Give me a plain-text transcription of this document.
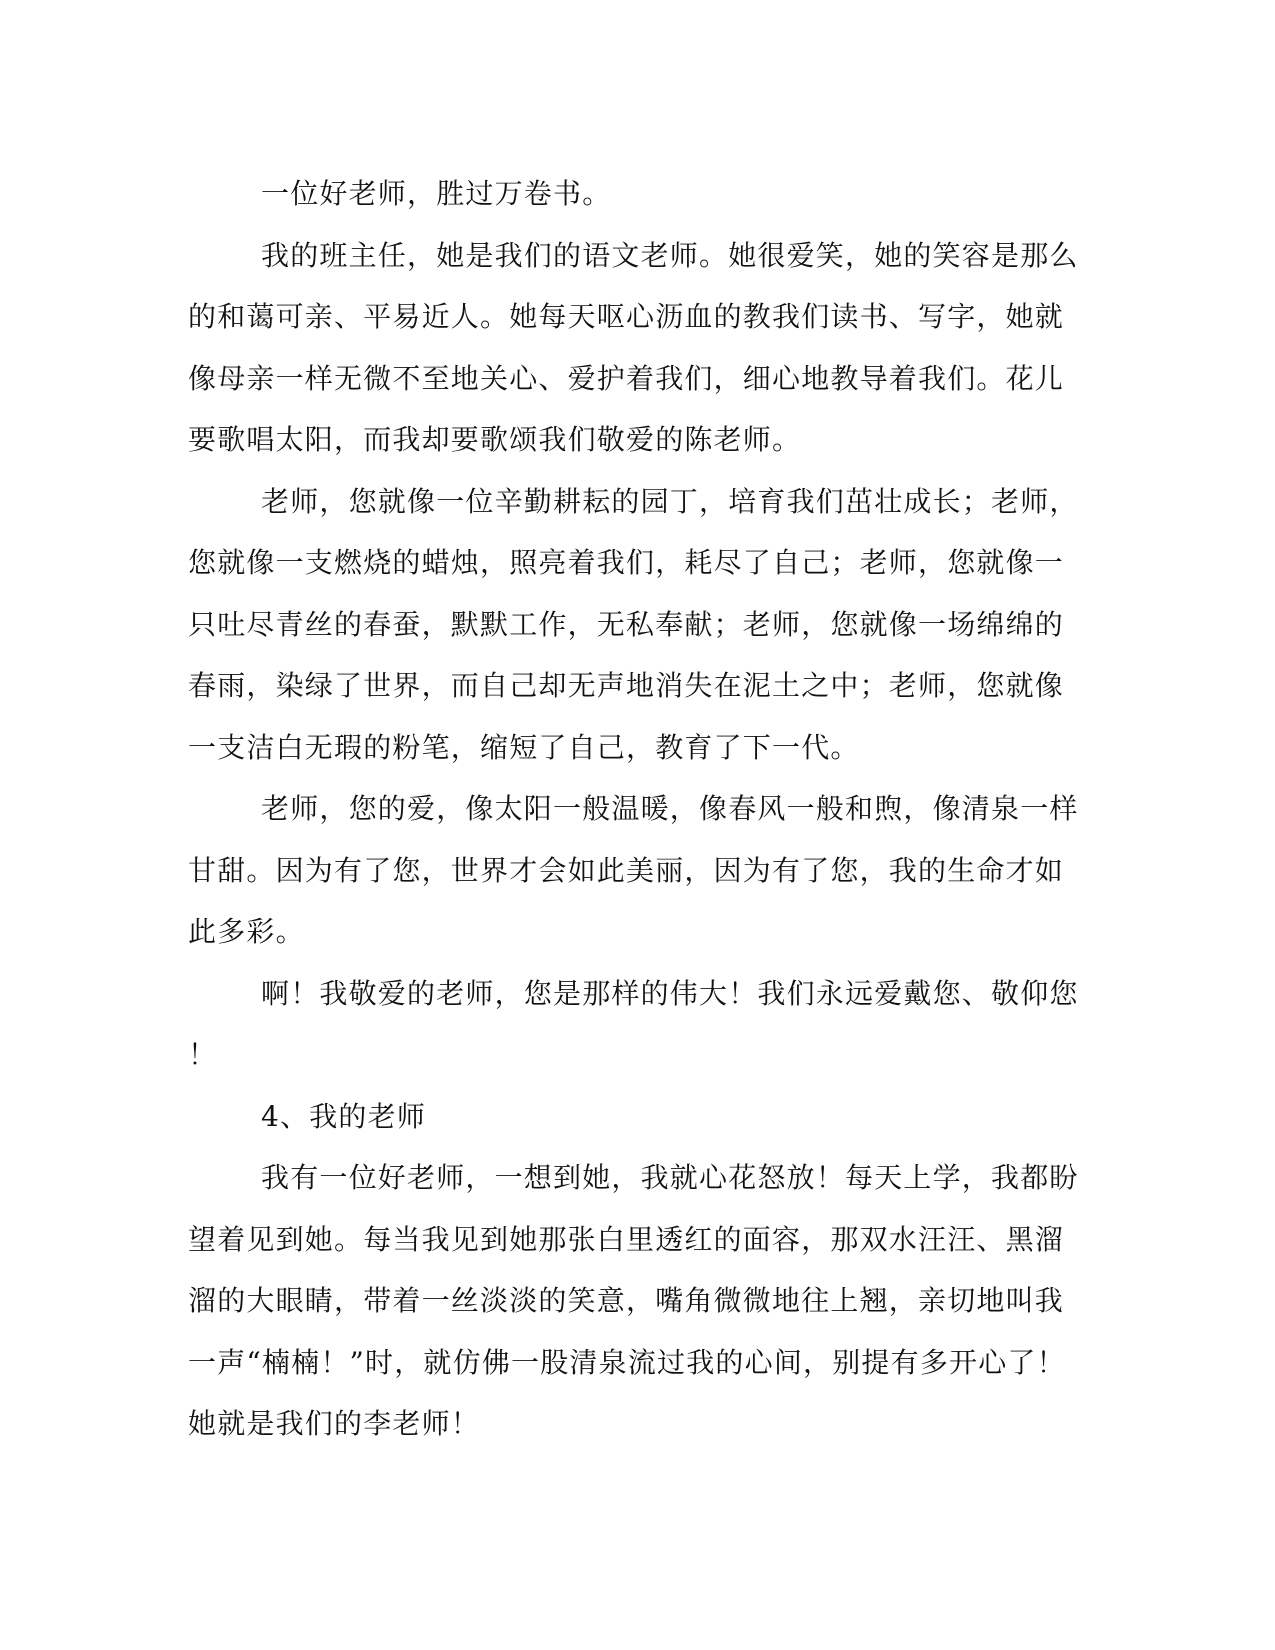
一位好老师，胜过万卷书。
我的班主任，她是我们的语文老师。她很爱笑，她的笑容是那么
的和蔼可亲、平易近人。她每天呕心沥血的教我们读书、写字，她就
像母亲一样无微不至地关心、爱护着我们，细心地教导着我们。花儿
要歌唱太阳，而我却要歌颂我们敬爱的陈老师。
老师，您就像一位辛勤耕耘的园丁，培育我们茁壮成长；老师，
您就像一支燃烧的蜡烛，照亮着我们，耗尽了自己；老师，您就像一
只吐尽青丝的春蚕，默默工作，无私奉献；老师，您就像一场绵绵的
春雨，染绿了世界，而自己却无声地消失在泥土之中；老师，您就像
一支洁白无瑕的粉笔，缩短了自己，教育了下一代。
老师，您的爱，像太阳一般温暖，像春风一般和煦，像清泉一样
甘甜。因为有了您，世界才会如此美丽，因为有了您，我的生命才如
此多彩。
啊！我敬爱的老师，您是那样的伟大！我们永远爱戴您、敬仰您
！
4、我的老师
我有一位好老师，一想到她，我就心花怒放！每天上学，我都盼
望着见到她。每当我见到她那张白里透红的面容，那双水汪汪、黑溜
溜的大眼睛，带着一丝淡淡的笑意，嘴角微微地往上翘，亲切地叫我
一声“楠楠！”时，就仿佛一股清泉流过我的心间，别提有多开心了！
她就是我们的李老师！
